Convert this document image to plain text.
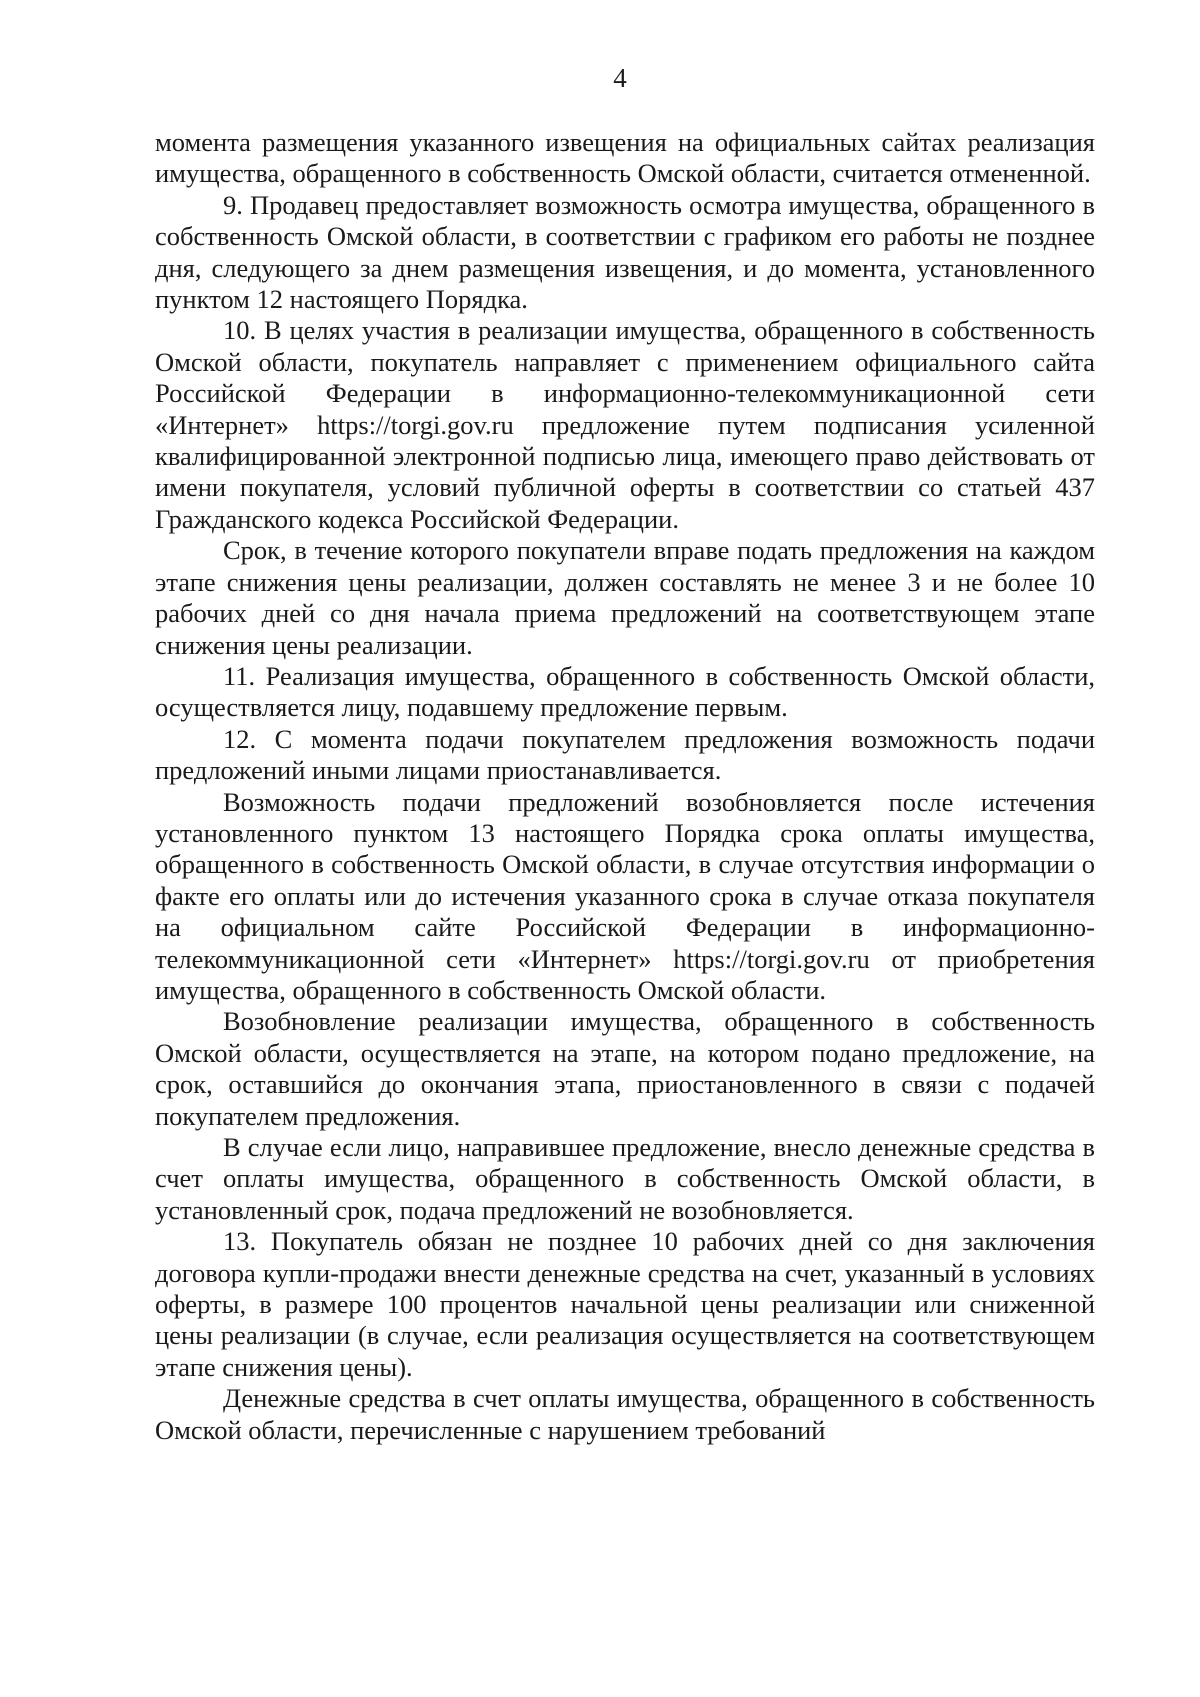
4

момента размещения указанного извещения на официальных сайтах реализация имущества, обращенного в собственность Омской области, считается отмененной.

9. Продавец предоставляет возможность осмотра имущества, обращенного в собственность Омской области, в соответствии с графиком его работы не позднее дня, следующего за днем размещения извещения, и до момента, установленного пунктом 12 настоящего Порядка.

10. В целях участия в реализации имущества, обращенного в собственность Омской области, покупатель направляет с применением официального сайта Российской Федерации в информационно-телекоммуникационной сети «Интернет» https://torgi.gov.ru предложение путем подписания усиленной квалифицированной электронной подписью лица, имеющего право действовать от имени покупателя, условий публичной оферты в соответствии со статьей 437 Гражданского кодекса Российской Федерации.

Срок, в течение которого покупатели вправе подать предложения на каждом этапе снижения цены реализации, должен составлять не менее 3 и не более 10 рабочих дней со дня начала приема предложений на соответствующем этапе снижения цены реализации.

11. Реализация имущества, обращенного в собственность Омской области, осуществляется лицу, подавшему предложение первым.

12. С момента подачи покупателем предложения возможность подачи предложений иными лицами приостанавливается.

Возможность подачи предложений возобновляется после истечения установленного пунктом 13 настоящего Порядка срока оплаты имущества, обращенного в собственность Омской области, в случае отсутствия информации о факте его оплаты или до истечения указанного срока в случае отказа покупателя на официальном сайте Российской Федерации в информационно-телекоммуникационной сети «Интернет» https://torgi.gov.ru от приобретения имущества, обращенного в собственность Омской области.

Возобновление реализации имущества, обращенного в собственность Омской области, осуществляется на этапе, на котором подано предложение, на срок, оставшийся до окончания этапа, приостановленного в связи с подачей покупателем предложения.

В случае если лицо, направившее предложение, внесло денежные средства в счет оплаты имущества, обращенного в собственность Омской области, в установленный срок, подача предложений не возобновляется.

13. Покупатель обязан не позднее 10 рабочих дней со дня заключения договора купли-продажи внести денежные средства на счет, указанный в условиях оферты, в размере 100 процентов начальной цены реализации или сниженной цены реализации (в случае, если реализация осуществляется на соответствующем этапе снижения цены).

Денежные средства в счет оплаты имущества, обращенного в собственность Омской области, перечисленные с нарушением требований
